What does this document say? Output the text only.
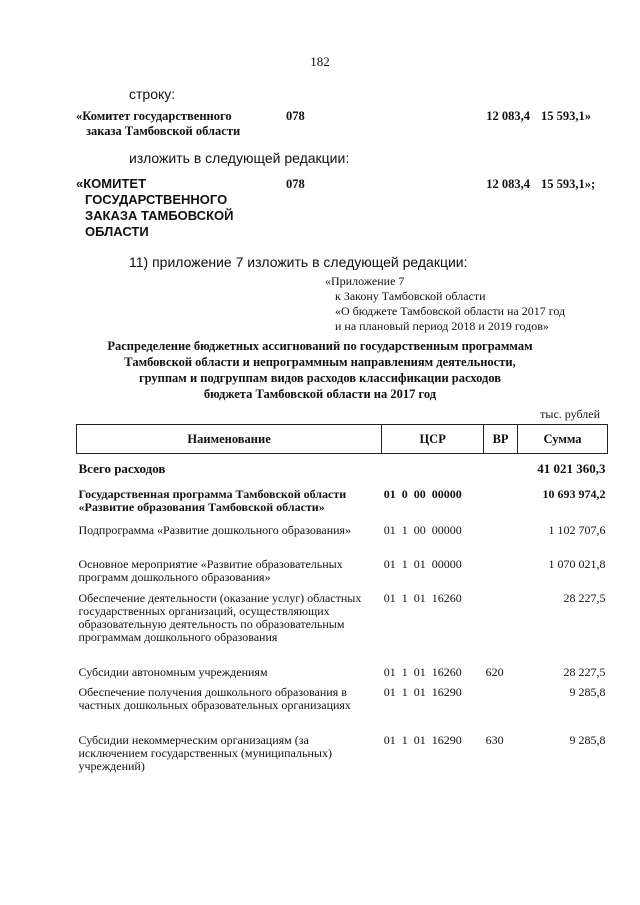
182
строку:
«Комитет государственного
заказа Тамбовской области
078	12 083,4 15 593,1»
изложить в следующей редакции:
«КОМИТЕТ
ГОСУДАРСТВЕННОГО
ЗАКАЗА ТАМБОВСКОЙ
ОБЛАСТИ
078	12 083,4 15 593,1»;
11) приложение 7 изложить в следующей редакции:
«Приложение 7
к Закону Тамбовской области
«О бюджете Тамбовской области на 2017 год
и на плановый период 2018 и 2019 годов»
Распределение бюджетных ассигнований по государственным программам
Тамбовской области и непрограммным направлениям деятельности,
группам и подгруппам видов расходов классификации расходов
бюджета Тамбовской области на 2017 год
тыс. рублей
Наименование	ЦСР	ВР	Сумма
Всего расходов			41 021 360,3
Государственная программа Тамбовской области «Развитие образования Тамбовской области»	01  0  00  00000		10 693 974,2
Подпрограмма «Развитие дошкольного образования»	01  1  00  00000		1 102 707,6
Основное мероприятие «Развитие образовательных программ дошкольного образования»	01  1  01  00000		1 070 021,8
Обеспечение деятельности (оказание услуг) областных государственных организаций, осуществляющих образовательную деятельность по образовательным программам дошкольного образования	01  1  01  16260		28 227,5
Субсидии автономным учреждениям	01  1  01  16260	620	28 227,5
Обеспечение получения дошкольного образования в частных дошкольных образовательных организациях	01  1  01  16290		9 285,8
Субсидии некоммерческим организациям (за исключением государственных (муниципальных) учреждений)	01  1  01  16290	630	9 285,8
